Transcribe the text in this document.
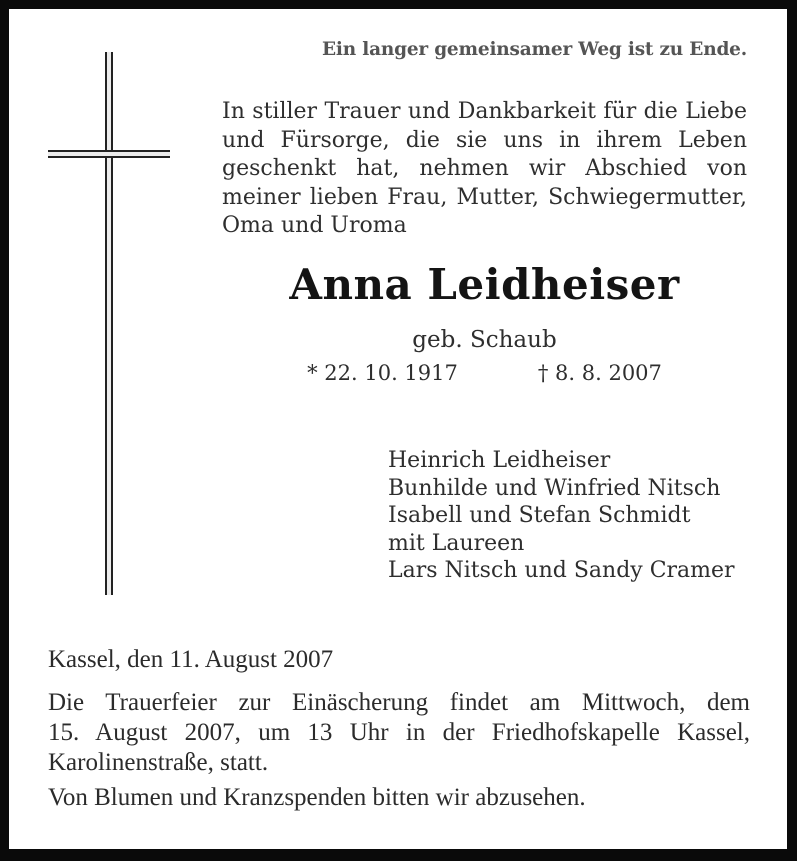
Ein langer gemeinsamer Weg ist zu Ende.
In stiller Trauer und Dankbarkeit für die Liebe
und Fürsorge, die sie uns in ihrem Leben
geschenkt hat, nehmen wir Abschied von
meiner lieben Frau, Mutter, Schwiegermutter,
Oma und Uroma
Anna Leidheiser
geb. Schaub
* 22. 10. 1917	† 8. 8. 2007
Heinrich Leidheiser
Bunhilde und Winfried Nitsch
Isabell und Stefan Schmidt
mit Laureen
Lars Nitsch und Sandy Cramer
Kassel, den 11. August 2007
Die Trauerfeier zur Einäscherung findet am Mittwoch, dem
15. August 2007, um 13 Uhr in der Friedhofskapelle Kassel,
Karolinenstraße, statt.
Von Blumen und Kranzspenden bitten wir abzusehen.
